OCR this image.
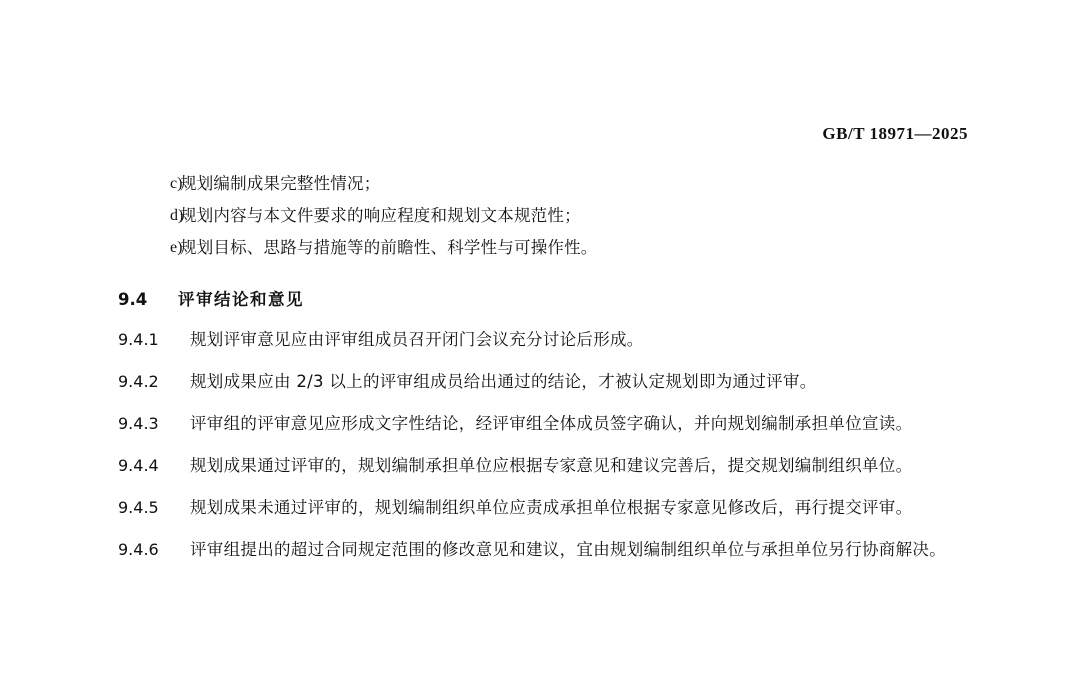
GB/T 18971—2025
c)
规划编制成果完整性情况；
d)
规划内容与本文件要求的响应程度和规划文本规范性；
e)
规划目标、思路与措施等的前瞻性、科学性与可操作性。
9.4	评审结论和意见
9.4.1	规划评审意见应由评审组成员召开闭门会议充分讨论后形成。
9.4.2	规划成果应由 2/3 以上的评审组成员给出通过的结论，才被认定规划即为通过评审。
9.4.3	评审组的评审意见应形成文字性结论，经评审组全体成员签字确认，并向规划编制承担单位宣读。
9.4.4	规划成果通过评审的，规划编制承担单位应根据专家意见和建议完善后，提交规划编制组织单位。
9.4.5	规划成果未通过评审的，规划编制组织单位应责成承担单位根据专家意见修改后，再行提交评审。
9.4.6	评审组提出的超过合同规定范围的修改意见和建议，宜由规划编制组织单位与承担单位另行协商解决。
